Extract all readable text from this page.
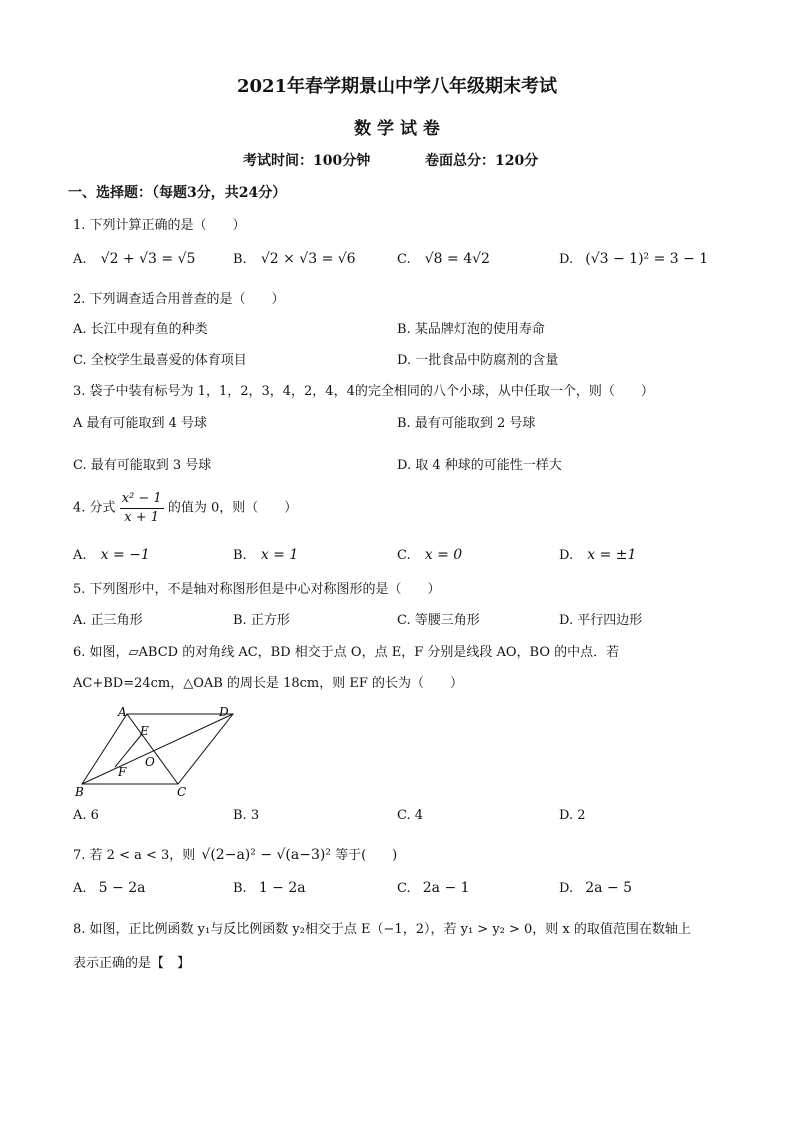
2021年春学期景山中学八年级期末考试
数 学 试 卷
考试时间：100分钟	卷面总分：120分
一、选择题：（每题3分，共24分）
1. 下列计算正确的是（　　）
A. √2 + √3 = √5	B. √2 × √3 = √6	C. √8 = 4√2	D. (√3 − 1)² = 3 − 1
2. 下列调查适合用普查的是（　　）
A. 长江中现有鱼的种类	B. 某品牌灯泡的使用寿命
C. 全校学生最喜爱的体育项目	D. 一批食品中防腐剂的含量
3. 袋子中装有标号为 1，1，2，3，4，2，4，4的完全相同的八个小球，从中任取一个，则（　　）
A 最有可能取到 4 号球	B. 最有可能取到 2 号球
C. 最有可能取到 3 号球	D. 取 4 种球的可能性一样大
4. 分式 $\frac{\text{x² − 1}}{x + 1}$ 的值为 0，则（　　）
A. x = −1	B. x = 1	C. x = 0	D. x = ±1
5. 下列图形中，不是轴对称图形但是中心对称图形的是（　　）
A. 正三角形	B. 正方形	C. 等腰三角形	D. 平行四边形
6. 如图，▱ABCD 的对角线 AC，BD 相交于点 O，点 E，F 分别是线段 AO，BO 的中点．若
AC+BD=24cm，△OAB 的周长是 18cm，则 EF 的长为（　　）
A	D
E
O
F
B	C
A. 6	B. 3	C. 4	D. 2
7. 若 2 < a < 3，则 √(2−a)² − √(a−3)² 等于(　　)
A. 5 − 2a	B. 1 − 2a	C. 2a − 1	D. 2a − 5
8. 如图，正比例函数 y₁与反比例函数 y₂相交于点 E（−1，2），若 y₁ > y₂ > 0，则 x 的取值范围在数轴上
表示正确的是【　】
